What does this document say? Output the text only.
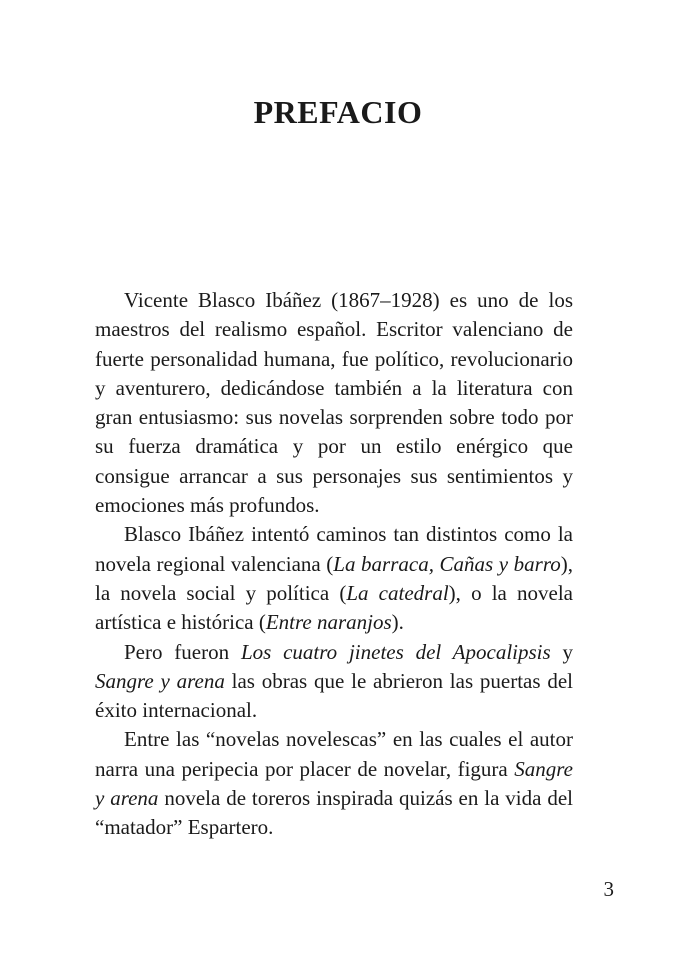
PREFACIO

Vicente Blasco Ibáñez (1867–1928) es uno de los maestros del realismo español. Escritor valenciano de fuerte personalidad humana, fue político, revolucionario y aventurero, dedicándose también a la literatura con gran entusiasmo: sus novelas sorprenden sobre todo por su fuerza dramática y por un estilo enérgico que consigue arrancar a sus personajes sus sentimientos y emociones más profundos.

Blasco Ibáñez intentó caminos tan distintos como la novela regional valenciana (La barraca, Cañas y barro), la novela social y política (La catedral), o la novela artística e histórica (Entre naranjos).

Pero fueron Los cuatro jinetes del Apocalipsis y Sangre y arena las obras que le abrieron las puertas del éxito internacional.

Entre las “novelas novelescas” en las cuales el autor narra una peripecia por placer de novelar, figura Sangre y arena novela de toreros inspirada quizás en la vida del “matador” Espartero.

3
